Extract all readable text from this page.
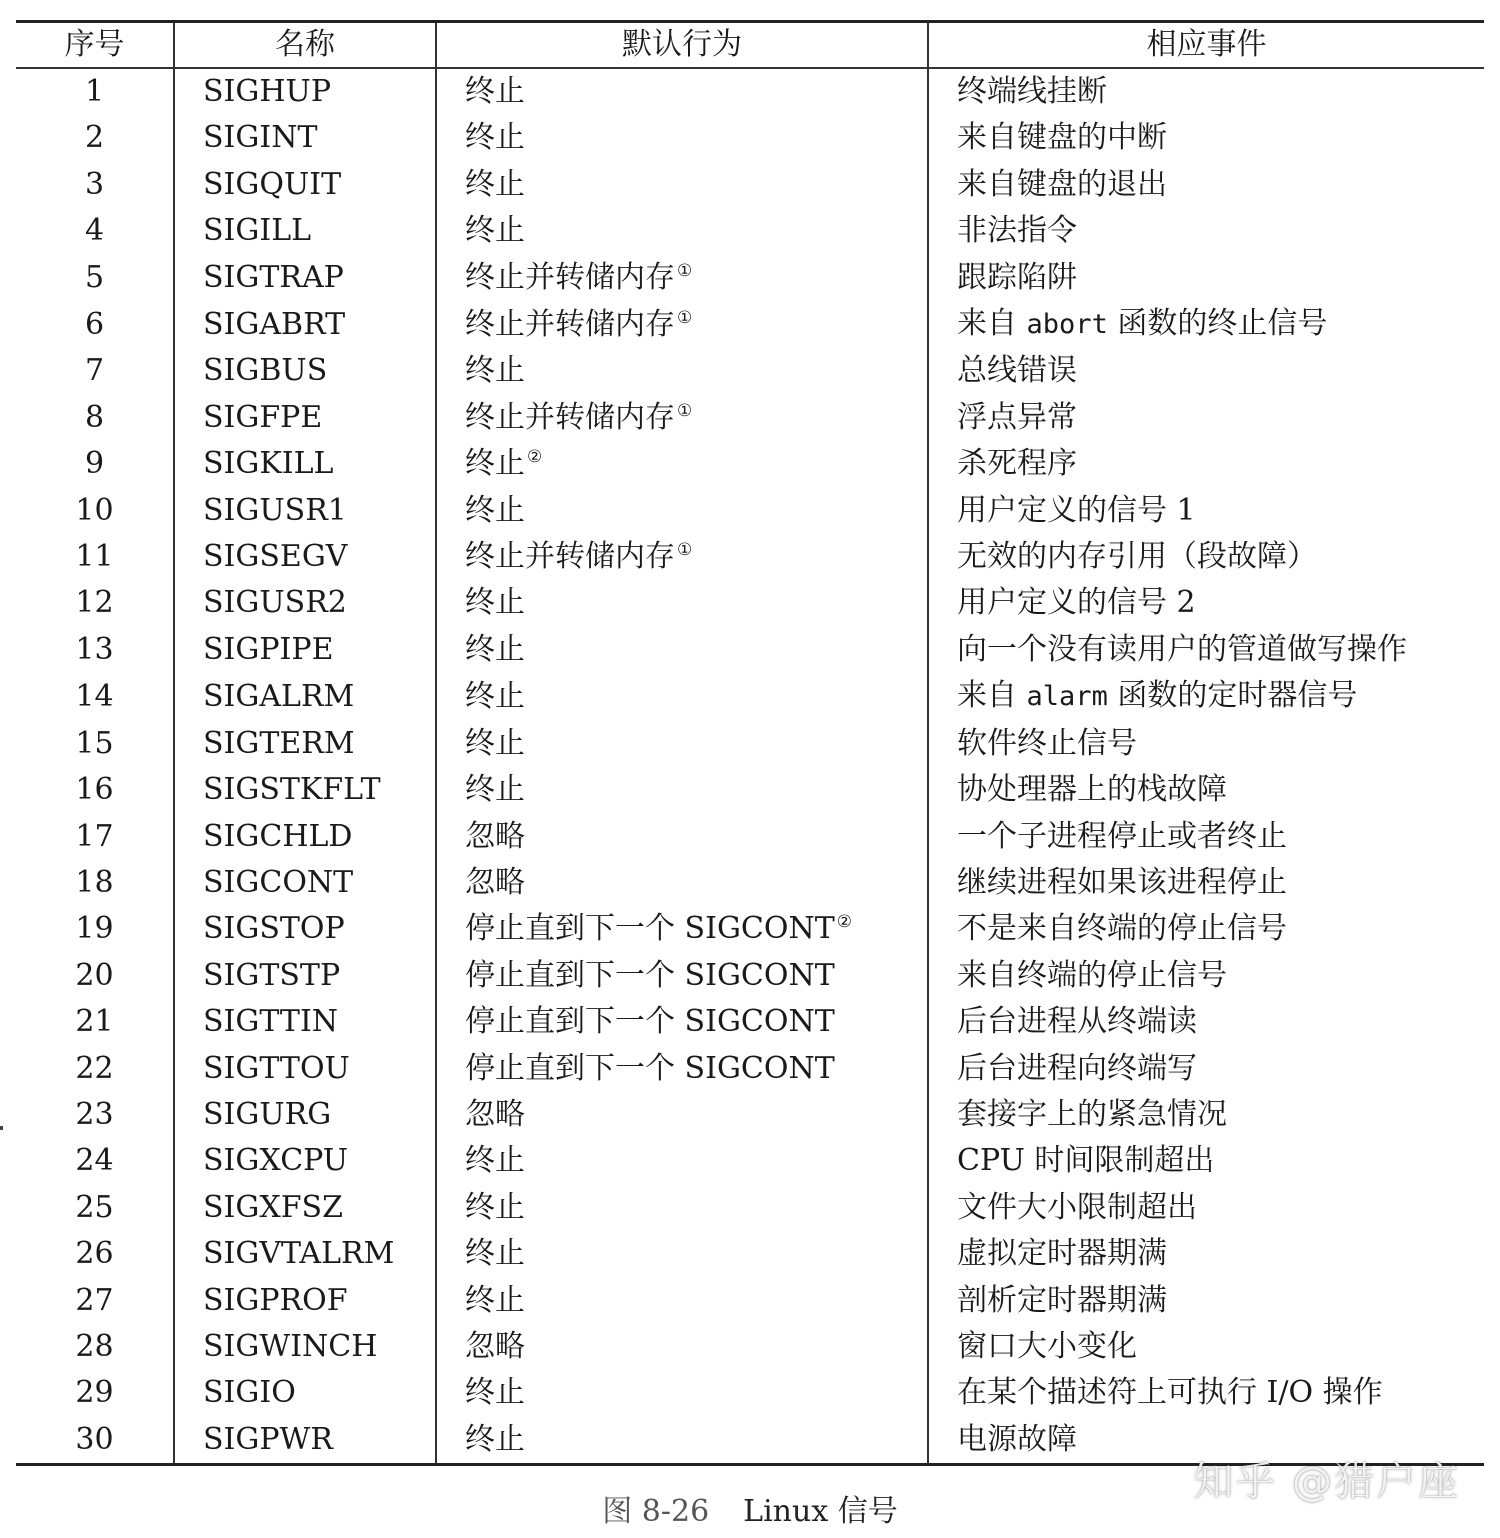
序号	名称	默认行为	相应事件
1	SIGHUP	终止	终端线挂断
2	SIGINT	终止	来自键盘的中断
3	SIGQUIT	终止	来自键盘的退出
4	SIGILL	终止	非法指令
5	SIGTRAP	终止并转储内存 ①	跟踪陷阱
6	SIGABRT	终止并转储内存 ①	来自 abort 函数的终止信号
7	SIGBUS	终止	总线错误
8	SIGFPE	终止并转储内存 ①	浮点异常
9	SIGKILL	终止 ②	杀死程序
10	SIGUSR1	终止	用户定义的信号 1
11	SIGSEGV	终止并转储内存 ①	无效的内存引用（段故障）
12	SIGUSR2	终止	用户定义的信号 2
13	SIGPIPE	终止	向一个没有读用户的管道做写操作
14	SIGALRM	终止	来自 alarm 函数的定时器信号
15	SIGTERM	终止	软件终止信号
16	SIGSTKFLT	终止	协处理器上的栈故障
17	SIGCHLD	忽略	一个子进程停止或者终止
18	SIGCONT	忽略	继续进程如果该进程停止
19	SIGSTOP	停止直到下一个 SIGCONT ②	不是来自终端的停止信号
20	SIGTSTP	停止直到下一个 SIGCONT	来自终端的停止信号
21	SIGTTIN	停止直到下一个 SIGCONT	后台进程从终端读
22	SIGTTOU	停止直到下一个 SIGCONT	后台进程向终端写
23	SIGURG	忽略	套接字上的紧急情况
24	SIGXCPU	终止	CPU 时间限制超出
25	SIGXFSZ	终止	文件大小限制超出
26	SIGVTALRM	终止	虚拟定时器期满
27	SIGPROF	终止	剖析定时器期满
28	SIGWINCH	忽略	窗口大小变化
29	SIGIO	终止	在某个描述符上可执行 I/O 操作
30	SIGPWR	终止	电源故障
图 8-26 Linux 信号
知乎 @猎户座
